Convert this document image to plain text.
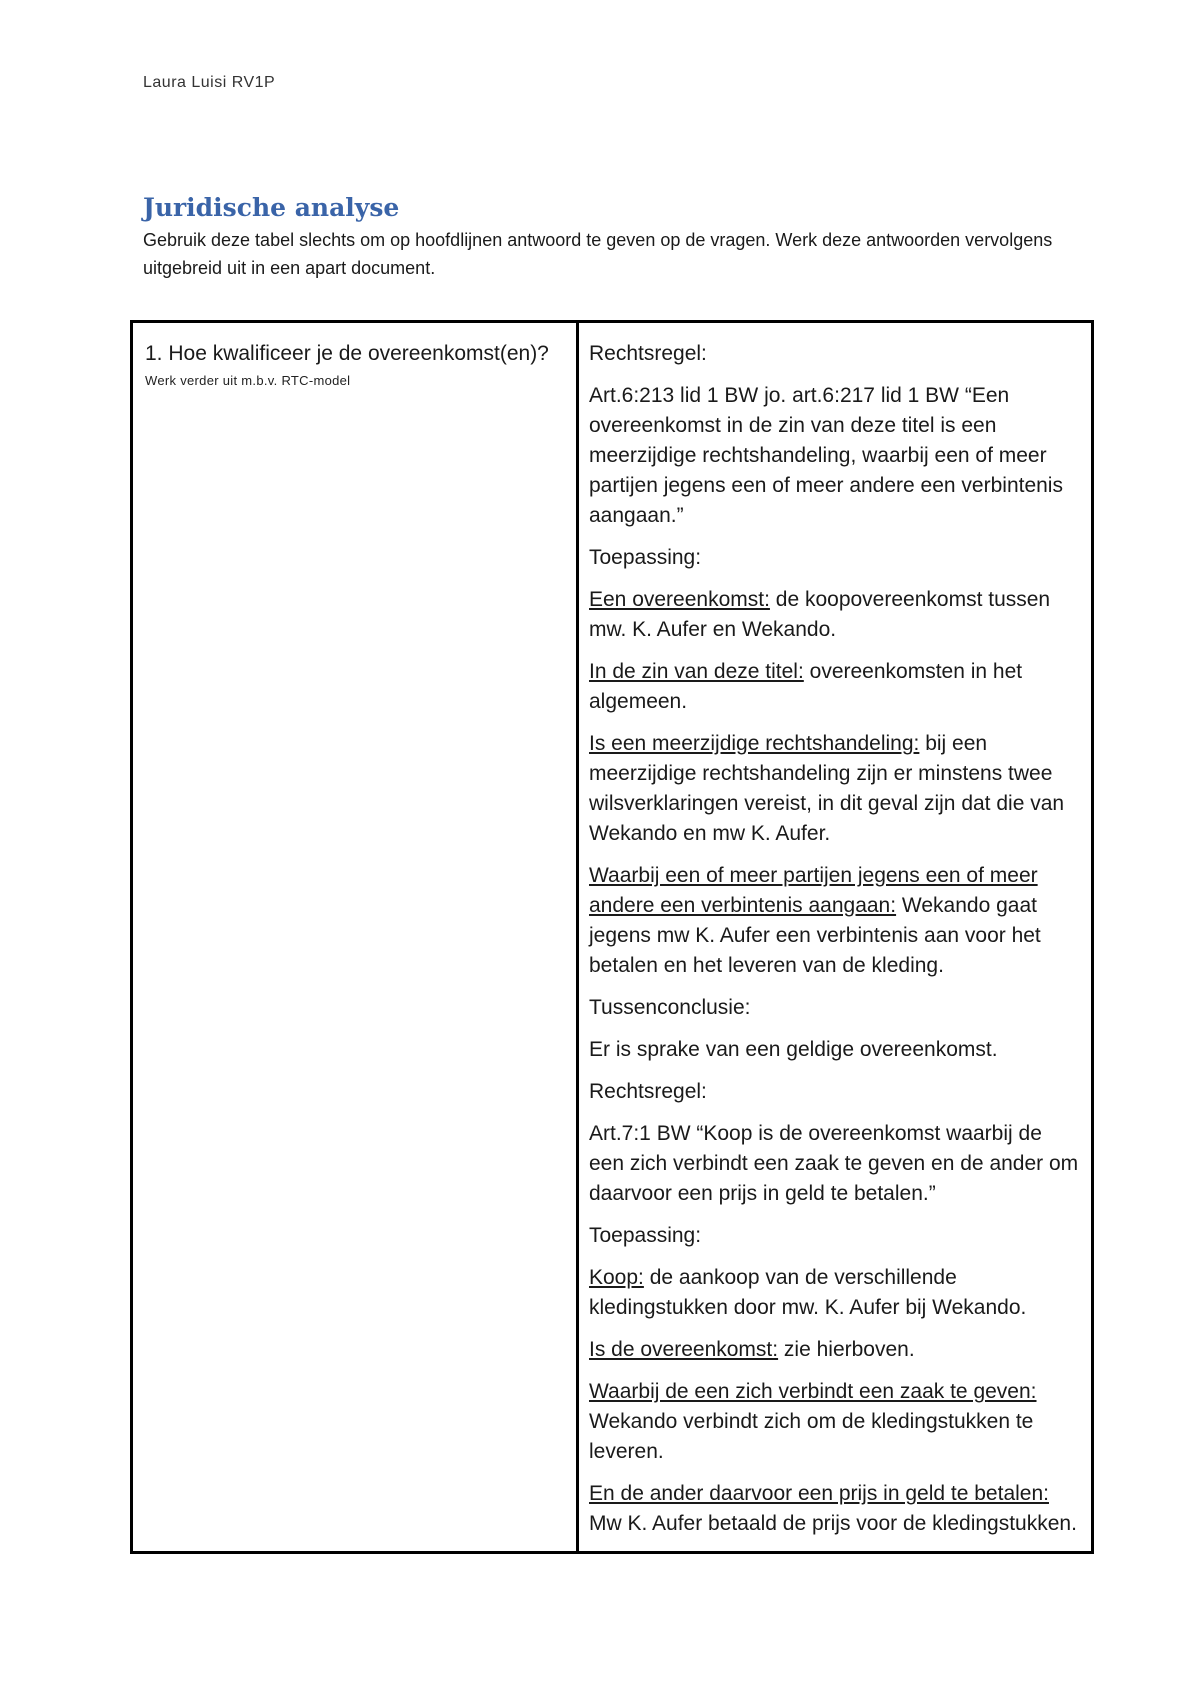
Laura Luisi RV1P
Juridische analyse

Gebruik deze tabel slechts om op hoofdlijnen antwoord te geven op de vragen. Werk deze antwoorden vervolgens uitgebreid uit in een apart document.

1. Hoe kwalificeer je de overeenkomst(en)?

Werk verder uit m.b.v. RTC-model

Rechtsregel:

Art.6:213 lid 1 BW jo. art.6:217 lid 1 BW “Een overeenkomst in de zin van deze titel is een meerzijdige rechtshandeling, waarbij een of meer partijen jegens een of meer andere een verbintenis aangaan.”

Toepassing:

Een overeenkomst: de koopovereenkomst tussen mw. K. Aufer en Wekando.

In de zin van deze titel: overeenkomsten in het algemeen.

Is een meerzijdige rechtshandeling: bij een meerzijdige rechtshandeling zijn er minstens twee wilsverklaringen vereist, in dit geval zijn dat die van Wekando en mw K. Aufer.

Waarbij een of meer partijen jegens een of meer andere een verbintenis aangaan: Wekando gaat jegens mw K. Aufer een verbintenis aan voor het betalen en het leveren van de kleding.

Tussenconclusie:

Er is sprake van een geldige overeenkomst.

Rechtsregel:

Art.7:1 BW “Koop is de overeenkomst waarbij de een zich verbindt een zaak te geven en de ander om daarvoor een prijs in geld te betalen.”

Toepassing:

Koop: de aankoop van de verschillende kledingstukken door mw. K. Aufer bij Wekando.

Is de overeenkomst: zie hierboven.

Waarbij de een zich verbindt een zaak te geven: Wekando verbindt zich om de kledingstukken te leveren.

En de ander daarvoor een prijs in geld te betalen: Mw K. Aufer betaald de prijs voor de kledingstukken.
